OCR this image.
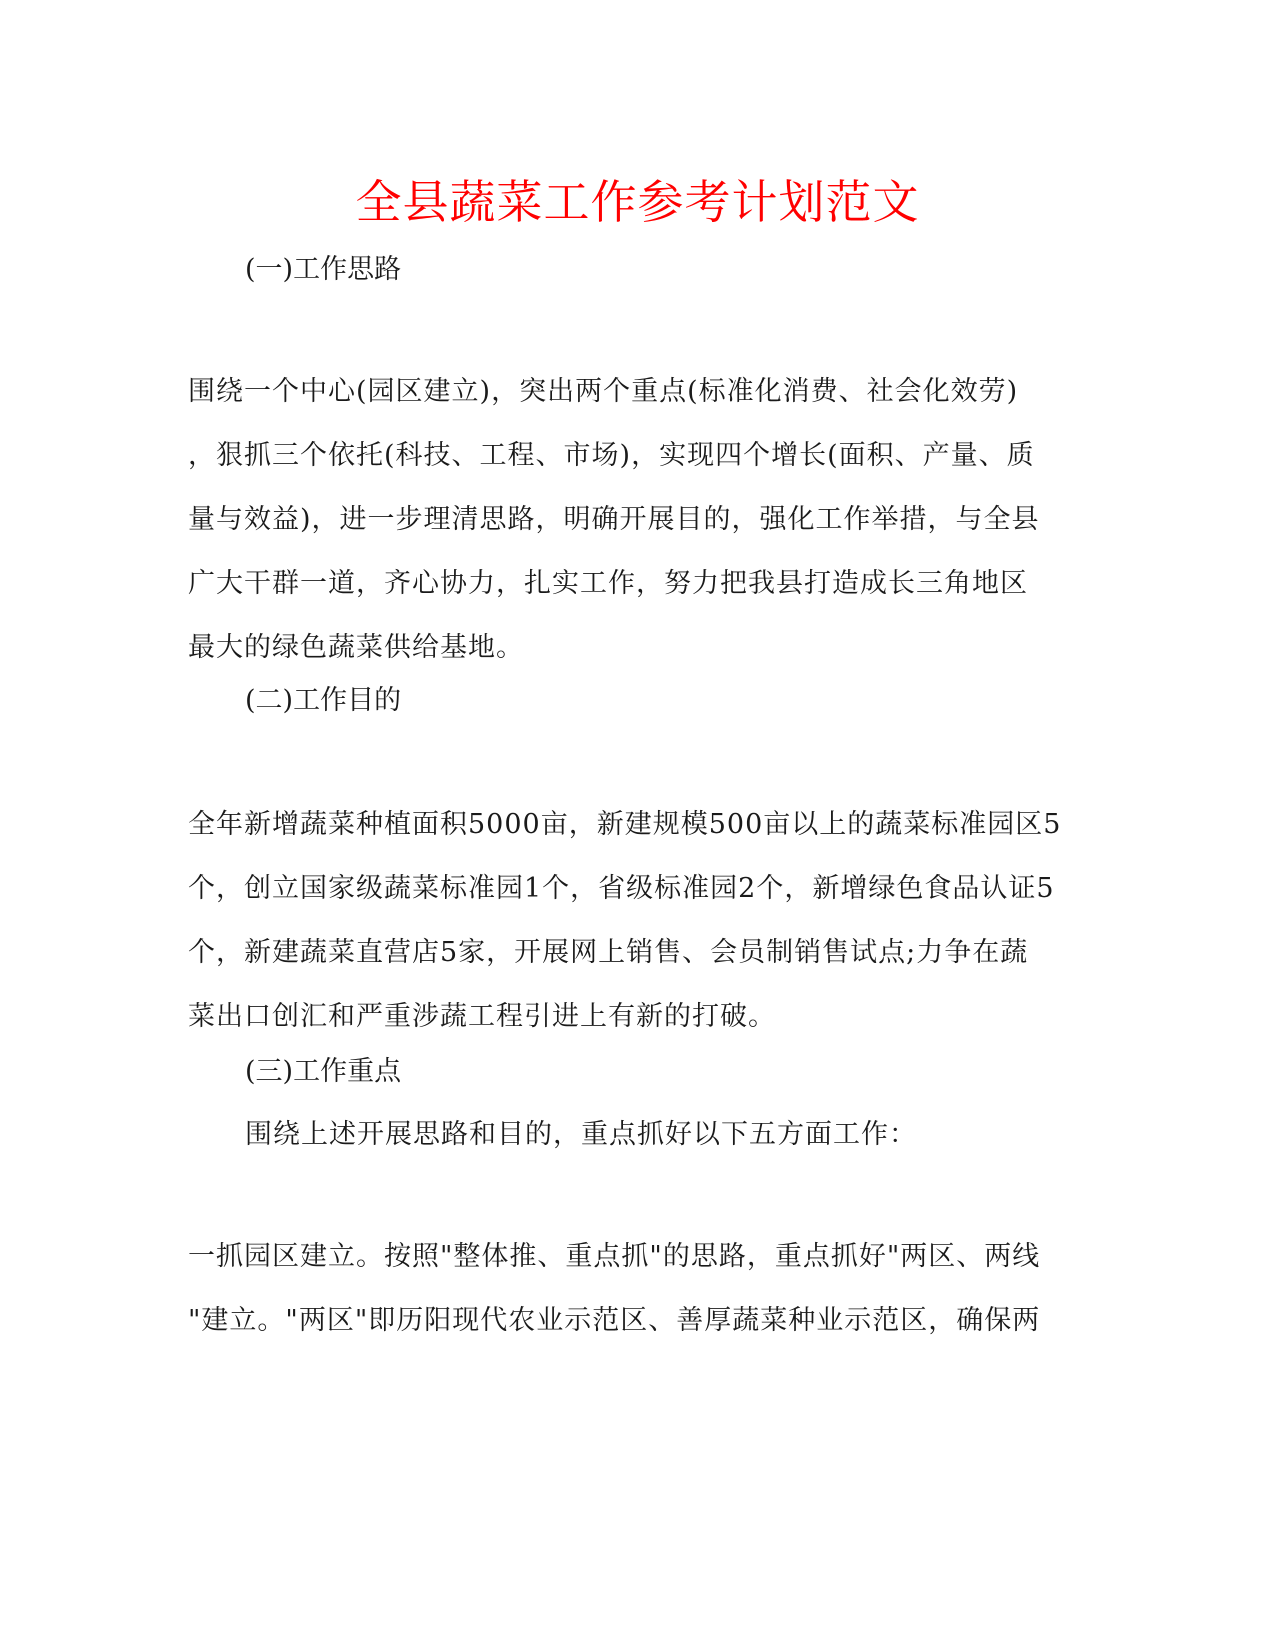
全县蔬菜工作参考计划范文
(一)工作思路
围绕一个中心(园区建立)，突出两个重点(标准化消费、社会化效劳)
，狠抓三个依托(科技、工程、市场)，实现四个增长(面积、产量、质
量与效益)，进一步理清思路，明确开展目的，强化工作举措，与全县
广大干群一道，齐心协力，扎实工作，努力把我县打造成长三角地区
最大的绿色蔬菜供给基地。
(二)工作目的
全年新增蔬菜种植面积5000亩，新建规模500亩以上的蔬菜标准园区5
个，创立国家级蔬菜标准园1个，省级标准园2个，新增绿色食品认证5
个，新建蔬菜直营店5家，开展网上销售、会员制销售试点;力争在蔬
菜出口创汇和严重涉蔬工程引进上有新的打破。
(三)工作重点
围绕上述开展思路和目的，重点抓好以下五方面工作：
一抓园区建立。按照"整体推、重点抓"的思路，重点抓好"两区、两线
"建立。"两区"即历阳现代农业示范区、善厚蔬菜种业示范区，确保两
